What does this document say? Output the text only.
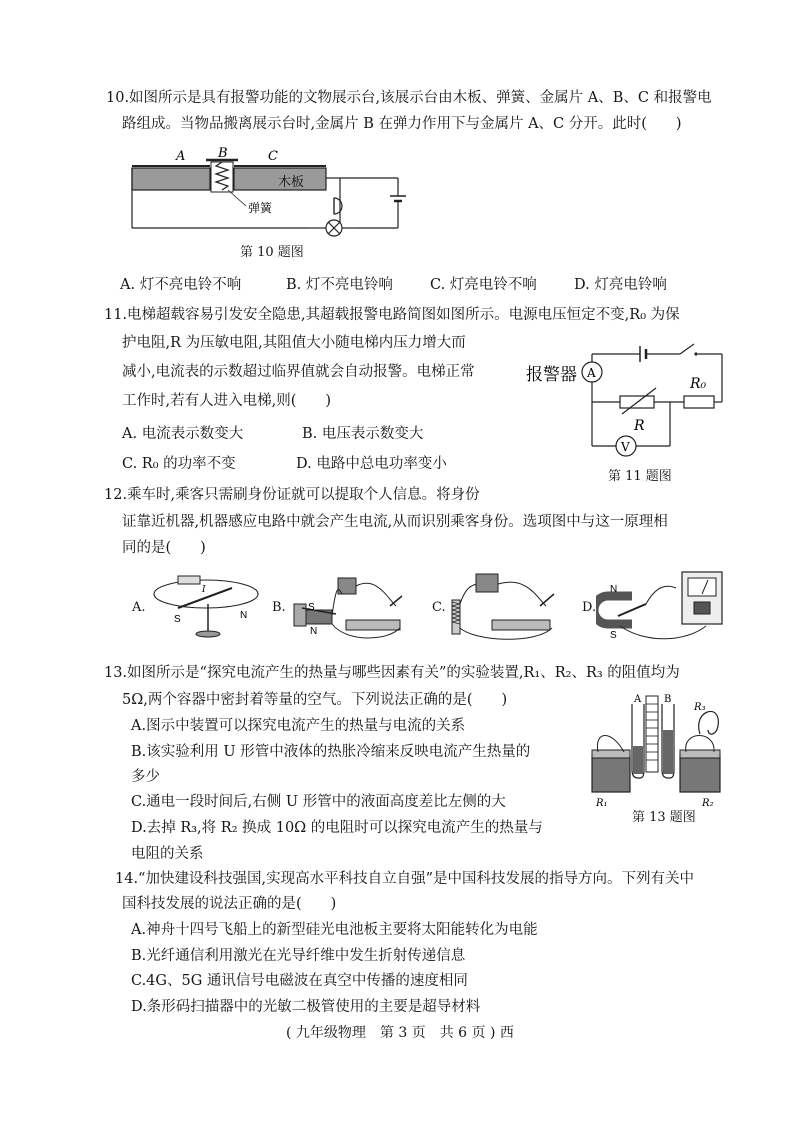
10.如图所示是具有报警功能的文物展示台,该展示台由木板、弹簧、金属片 A、B、C 和报警电
路组成。当物品搬离展示台时,金属片 B 在弹力作用下与金属片 A、C 分开。此时(　　)
A	B	C
木板
弹簧
第 10 题图
A. 灯不亮电铃不响	B. 灯不亮电铃响	C. 灯亮电铃不响	D. 灯亮电铃响
11.电梯超载容易引发安全隐患,其超载报警电路简图如图所示。电源电压恒定不变,R₀ 为保
护电阻,R 为压敏电阻,其阻值大小随电梯内压力增大而
减小,电流表的示数超过临界值就会自动报警。电梯正常
工作时,若有人进入电梯,则(　　)
A. 电流表示数变大	B. 电压表示数变大
C. R₀ 的功率不变	D. 电路中总电功率变小
报警器 A
R
R₀
V
第 11 题图
12.乘车时,乘客只需刷身份证就可以提取个人信息。将身份
证靠近机器,机器感应电路中就会产生电流,从而识别乘客身份。选项图中与这一原理相
同的是(　　)
A.
I
S	N
B. S
N
C.	D.
N
S
13.如图所示是“探究电流产生的热量与哪些因素有关”的实验装置,R₁、R₂、R₃ 的阻值均为
5Ω,两个容器中密封着等量的空气。下列说法正确的是(　　)
A.图示中装置可以探究电流产生的热量与电流的关系
B.该实验利用 U 形管中液体的热胀冷缩来反映电流产生热量的
多少
C.通电一段时间后,右侧 U 形管中的液面高度差比左侧的大
D.去掉 R₃,将 R₂ 换成 10Ω 的电阻时可以探究电流产生的热量与
电阻的关系
A B
R₃
R₁	R₂
第 13 题图
14.“加快建设科技强国,实现高水平科技自立自强”是中国科技发展的指导方向。下列有关中
国科技发展的说法正确的是(　　)
A.神舟十四号飞船上的新型硅光电池板主要将太阳能转化为电能
B.光纤通信利用激光在光导纤维中发生折射传递信息
C.4G、5G 通讯信号电磁波在真空中传播的速度相同
D.条形码扫描器中的光敏二极管使用的主要是超导材料
( 九年级物理　第 3 页　共 6 页 ) 西
